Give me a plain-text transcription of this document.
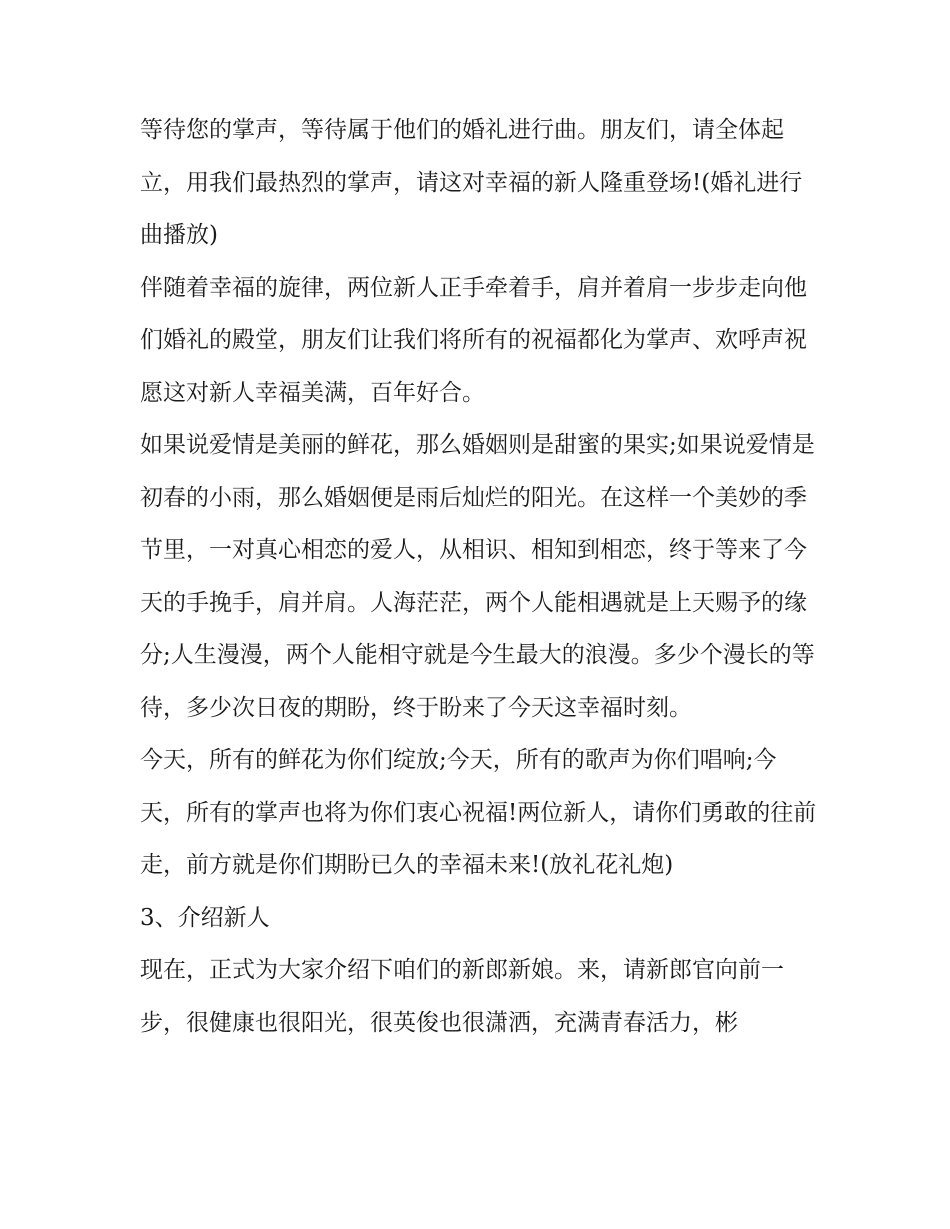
等待您的掌声，等待属于他们的婚礼进行曲。朋友们，请全体起立，用我们最热烈的掌声，请这对幸福的新人隆重登场!(婚礼进行曲播放)

伴随着幸福的旋律，两位新人正手牵着手，肩并着肩一步步走向他们婚礼的殿堂，朋友们让我们将所有的祝福都化为掌声、欢呼声祝愿这对新人幸福美满，百年好合。

如果说爱情是美丽的鲜花，那么婚姻则是甜蜜的果实;如果说爱情是初春的小雨，那么婚姻便是雨后灿烂的阳光。在这样一个美妙的季节里，一对真心相恋的爱人，从相识、相知到相恋，终于等来了今天的手挽手，肩并肩。人海茫茫，两个人能相遇就是上天赐予的缘分;人生漫漫，两个人能相守就是今生最大的浪漫。多少个漫长的等待，多少次日夜的期盼，终于盼来了今天这幸福时刻。

今天，所有的鲜花为你们绽放;今天，所有的歌声为你们唱响;今天，所有的掌声也将为你们衷心祝福!两位新人，请你们勇敢的往前走，前方就是你们期盼已久的幸福未来!(放礼花礼炮)

3、介绍新人

现在，正式为大家介绍下咱们的新郎新娘。来，请新郎官向前一步，很健康也很阳光，很英俊也很潇洒，充满青春活力，彬
